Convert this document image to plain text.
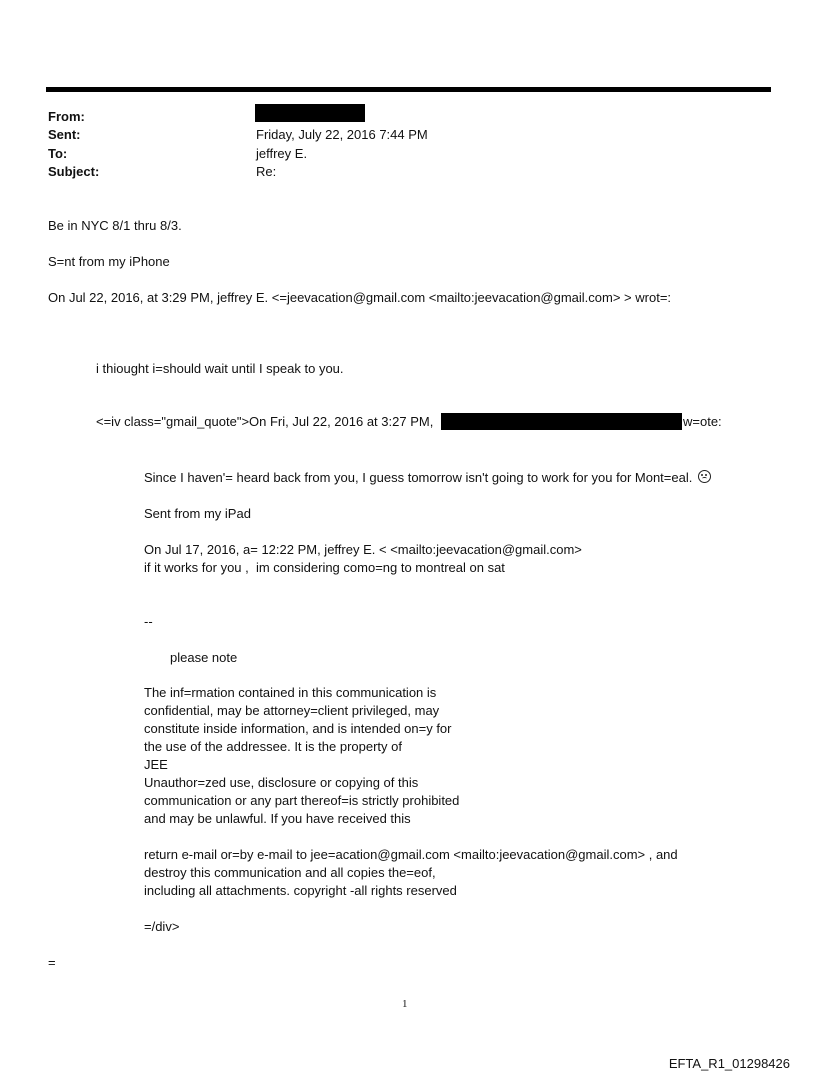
From:
Sent:	Friday, July 22, 2016 7:44 PM
To:	jeffrey E.
Subject:	Re:
Be in NYC 8/1 thru 8/3.
S=nt from my iPhone
On Jul 22, 2016, at 3:29 PM, jeffrey E. <=jeevacation@gmail.com <mailto:jeevacation@gmail.com> > wrot=:
i thiought i=should wait until I speak to you.
<=iv class="gmail_quote">On Fri, Jul 22, 2016 at 3:27 PM,	w=ote:
Since I haven'= heard back from you, I guess tomorrow isn't going to work for you for Mont=eal.
Sent from my iPad
On Jul 17, 2016, a= 12:22 PM, jeffrey E. < <mailto:jeevacation@gmail.com>
if it works for you ,  im considering como=ng to montreal on sat
--
please note
The inf=rmation contained in this communication is
confidential, may be attorney=client privileged, may
constitute inside information, and is intended on=y for
the use of the addressee. It is the property of
JEE
Unauthor=zed use, disclosure or copying of this
communication or any part thereof=is strictly prohibited
and may be unlawful. If you have received this
return e-mail or=by e-mail to jee=acation@gmail.com <mailto:jeevacation@gmail.com> , and
destroy this communication and all copies the=eof,
including all attachments. copyright -all rights reserved
=/div>
=
1
EFTA_R1_01298426
